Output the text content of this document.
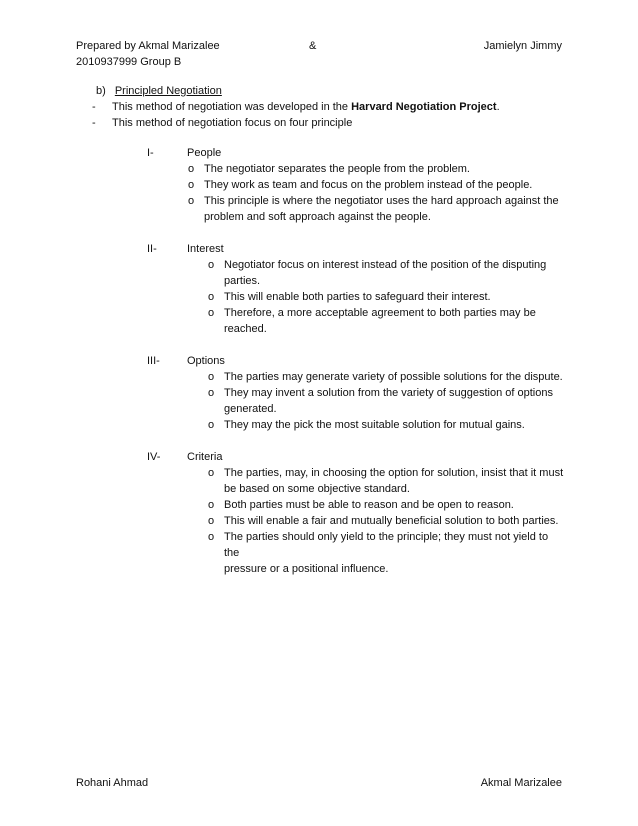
Prepared by Akmal Marizalee	&	Jamielyn Jimmy
2010937999 Group B
b) Principled Negotiation
- This method of negotiation was developed in the Harvard Negotiation Project.
- This method of negotiation focus on four principle
I-	People
o The negotiator separates the people from the problem.
o They work as team and focus on the problem instead of the people.
o This principle is where the negotiator uses the hard approach against the
problem and soft approach against the people.
II-	Interest
o Negotiator focus on interest instead of the position of the disputing
parties.
o This will enable both parties to safeguard their interest.
o Therefore, a more acceptable agreement to both parties may be
reached.
III- Options
o The parties may generate variety of possible solutions for the dispute.
o They may invent a solution from the variety of suggestion of options
generated.
o They may the pick the most suitable solution for mutual gains.
IV- Criteria
o The parties, may, in choosing the option for solution, insist that it must
be based on some objective standard.
o Both parties must be able to reason and be open to reason.
o This will enable a fair and mutually beneficial solution to both parties.
o The parties should only yield to the principle; they must not yield to the
pressure or a positional influence.
Rohani Ahmad	Akmal Marizalee
